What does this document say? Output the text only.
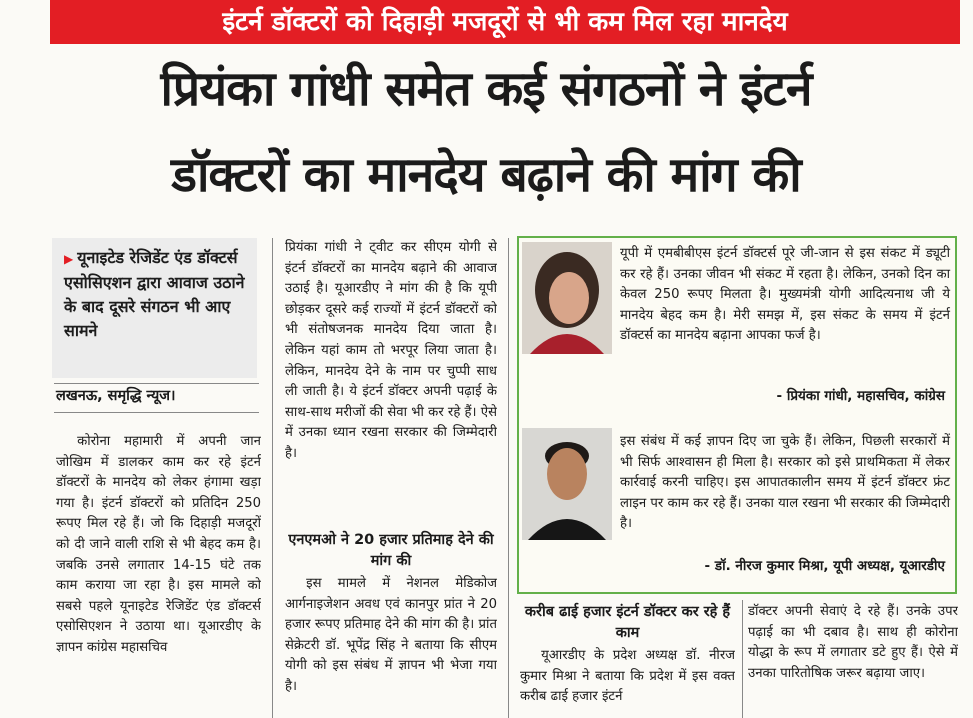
इंटर्न डॉक्टरों को दिहाड़ी मजदूरों से भी कम मिल रहा मानदेय
प्रियंका गांधी समेत कई संगठनों ने इंटर्न
डॉक्टरों का मानदेय बढ़ाने की मांग की
▶ यूनाइटेड रेजिडेंट एंड डॉक्टर्स एसोसिएशन द्वारा आवाज उठाने के बाद दूसरे संगठन भी आए सामने
लखनऊ, समृद्धि न्यूज।

कोरोना महामारी में अपनी जान जोखिम में डालकर काम कर रहे इंटर्न डॉक्टरों के मानदेय को लेकर हंगामा खड़ा गया है। इंटर्न डॉक्टरों को प्रतिदिन 250 रूपए मिल रहे हैं। जो कि दिहाड़ी मजदूरों को दी जाने वाली राशि से भी बेहद कम है। जबकि उनसे लगातार 14-15 घंटे तक काम कराया जा रहा है। इस मामले को सबसे पहले यूनाइटेड रेजिडेंट एंड डॉक्टर्स एसोसिएशन ने उठाया था। यूआरडीए के ज्ञापन कांग्रेस महासचिव

प्रियंका गांधी ने ट्वीट कर सीएम योगी से इंटर्न डॉक्टरों का मानदेय बढ़ाने की आवाज उठाई है। यूआरडीए ने मांग की है कि यूपी छोड़कर दूसरे कई राज्यों में इंटर्न डॉक्टरों को भी संतोषजनक मानदेय दिया जाता है। लेकिन यहां काम तो भरपूर लिया जाता है। लेकिन, मानदेय देने के नाम पर चुप्पी साध ली जाती है। ये इंटर्न डॉक्टर अपनी पढ़ाई के साथ-साथ मरीजों की सेवा भी कर रहे हैं। ऐसे में उनका ध्यान रखना सरकार की जिम्मेदारी है।

एनएमओ ने 20 हजार प्रतिमाह देने की मांग की

इस मामले में नेशनल मेडिकोज आर्गनाइजेशन अवध एवं कानपुर प्रांत ने 20 हजार रूपए प्रतिमाह देने की मांग की है। प्रांत सेक्रेटरी डॉ. भूपेंद्र सिंह ने बताया कि सीएम योगी को इस संबंध में ज्ञापन भी भेजा गया है।

यूपी में एमबीबीएस इंटर्न डॉक्टर्स पूरे जी-जान से इस संकट में ड्यूटी कर रहे हैं। उनका जीवन भी संकट में रहता है। लेकिन, उनको दिन का केवल 250 रूपए मिलता है। मुख्यमंत्री योगी आदित्यनाथ जी ये मानदेय बेहद कम है। मेरी समझ में, इस संकट के समय में इंटर्न डॉक्टर्स का मानदेय बढ़ाना आपका फर्ज है।
- प्रियंका गांधी, महासचिव, कांग्रेस
इस संबंध में कई ज्ञापन दिए जा चुके हैं। लेकिन, पिछली सरकारों में भी सिर्फ आश्वासन ही मिला है। सरकार को इसे प्राथमिकता में लेकर कार्रवाई करनी चाहिए। इस आपातकालीन समय में इंटर्न डॉक्टर फ्रंट लाइन पर काम कर रहे हैं। उनका याल रखना भी सरकार की जिम्मेदारी है।
- डॉ. नीरज कुमार मिश्रा, यूपी अध्यक्ष, यूआरडीए
करीब ढाई हजार इंटर्न डॉक्टर कर रहे हैं काम

यूआरडीए के प्रदेश अध्यक्ष डॉ. नीरज कुमार मिश्रा ने बताया कि प्रदेश में इस वक्त करीब ढाई हजार इंटर्न

डॉक्टर अपनी सेवाएं दे रहे हैं। उनके उपर पढ़ाई का भी दबाव है। साथ ही कोरोना योद्धा के रूप में लगातार डटे हुए हैं। ऐसे में उनका पारितोषिक जरूर बढ़ाया जाए।
